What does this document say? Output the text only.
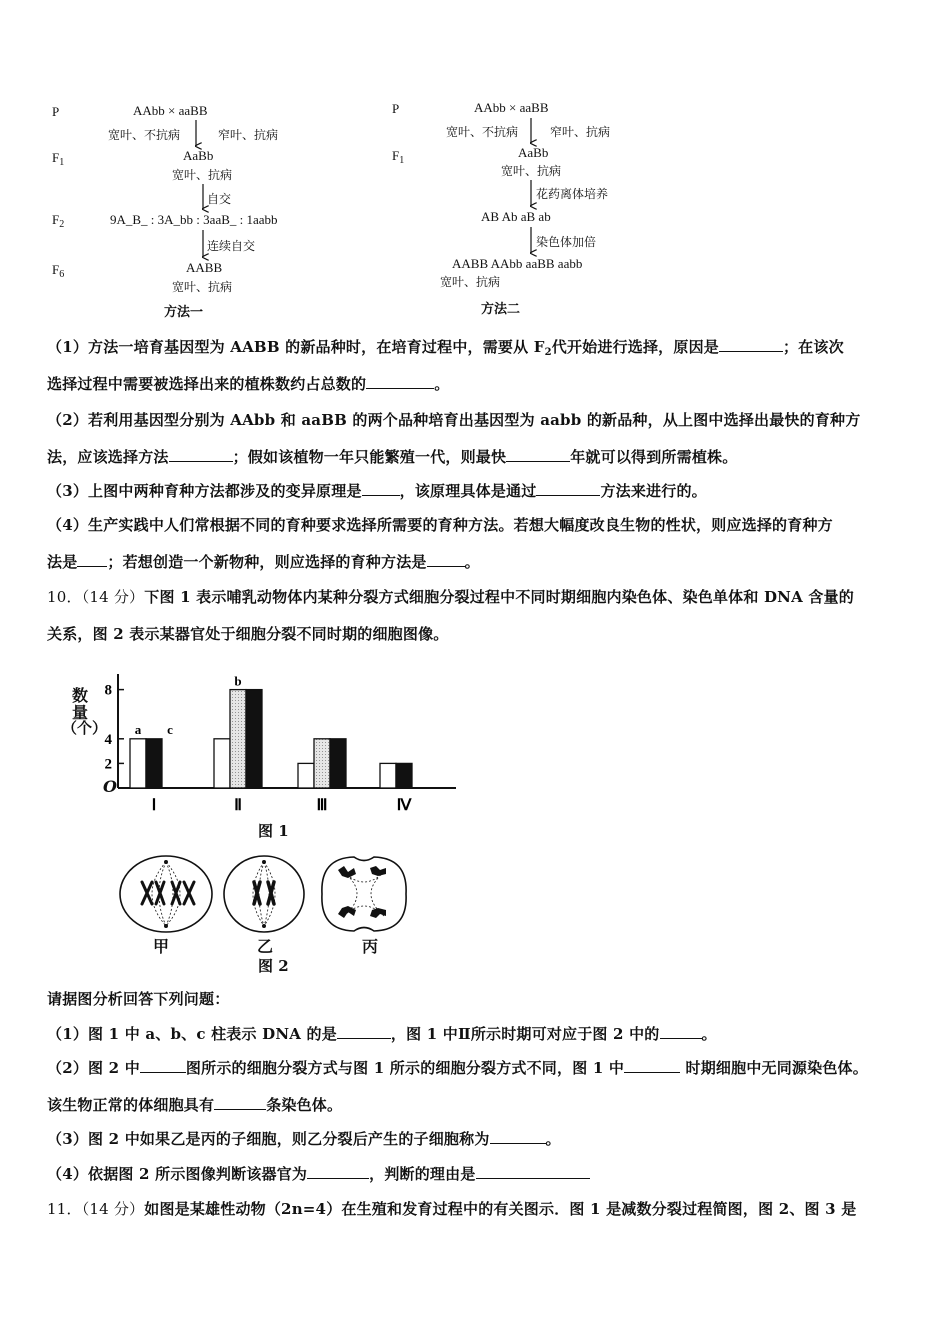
P	AAbb × aaBB
宽叶、不抗病	窄叶、抗病
$F_1$	AaBb
宽叶、抗病
自交
$F_2$	9A_B_ : 3A_bb : 3aaB_ : 1aabb
连续自交
$F_6$	AABB
宽叶、抗病
方法一
P	AAbb × aaBB
宽叶、不抗病	窄叶、抗病
$F_1$
AaBb
宽叶、抗病
花药离体培养
AB Ab aB ab
染色体加倍
AABB AAbb aaBB aabb
宽叶、抗病
方法二
（1）方法一培育基因型为 AABB 的新品种时，在培育过程中，需要从 $F_2$代开始进行选择，原因是	；在该次
选择过程中需要被选择出来的植株数约占总数的	。
（2）若利用基因型分别为 AAbb 和 aaBB 的两个品种培育出基因型为 aabb 的新品种，从上图中选择出最快的育种方
法，应该选择方法	；假如该植物一年只能繁殖一代，则最快	年就可以得到所需植株。
（3）上图中两种育种方法都涉及的变异原理是	，该原理具体是通过	方法来进行的。
（4）生产实践中人们常根据不同的育种要求选择所需要的育种方法。若想大幅度改良生物的性状，则应选择的育种方
法是 ；若想创造一个新物种，则应选择的育种方法是	。
10．（14 分）下图 1 表示哺乳动物体内某种分裂方式细胞分裂过程中不同时期细胞内染色体、染色单体和 DNA 含量的
关系，图 2 表示某器官处于细胞分裂不同时期的细胞图像。
2
4
8
Ⅰ	Ⅱ	Ⅲ	Ⅳ
a
b
c
数
量
（个）
O
图 1
甲	乙	丙
图 2
请据图分析回答下列问题：
（1）图 1 中 a、b、c 柱表示 DNA 的是	，图 1 中Ⅱ所示时期可对应于图 2 中的	。
（2）图 2 中	图所示的细胞分裂方式与图 1 所示的细胞分裂方式不同，图 1 中	时期细胞中无同源染色体。
该生物正常的体细胞具有	条染色体。
（3）图 2 中如果乙是丙的子细胞，则乙分裂后产生的子细胞称为	。
（4）依据图 2 所示图像判断该器官为	，判断的理由是
11．（14 分）如图是某雄性动物（2n=4）在生殖和发育过程中的有关图示．图 1 是减数分裂过程简图，图 2、图 3 是
